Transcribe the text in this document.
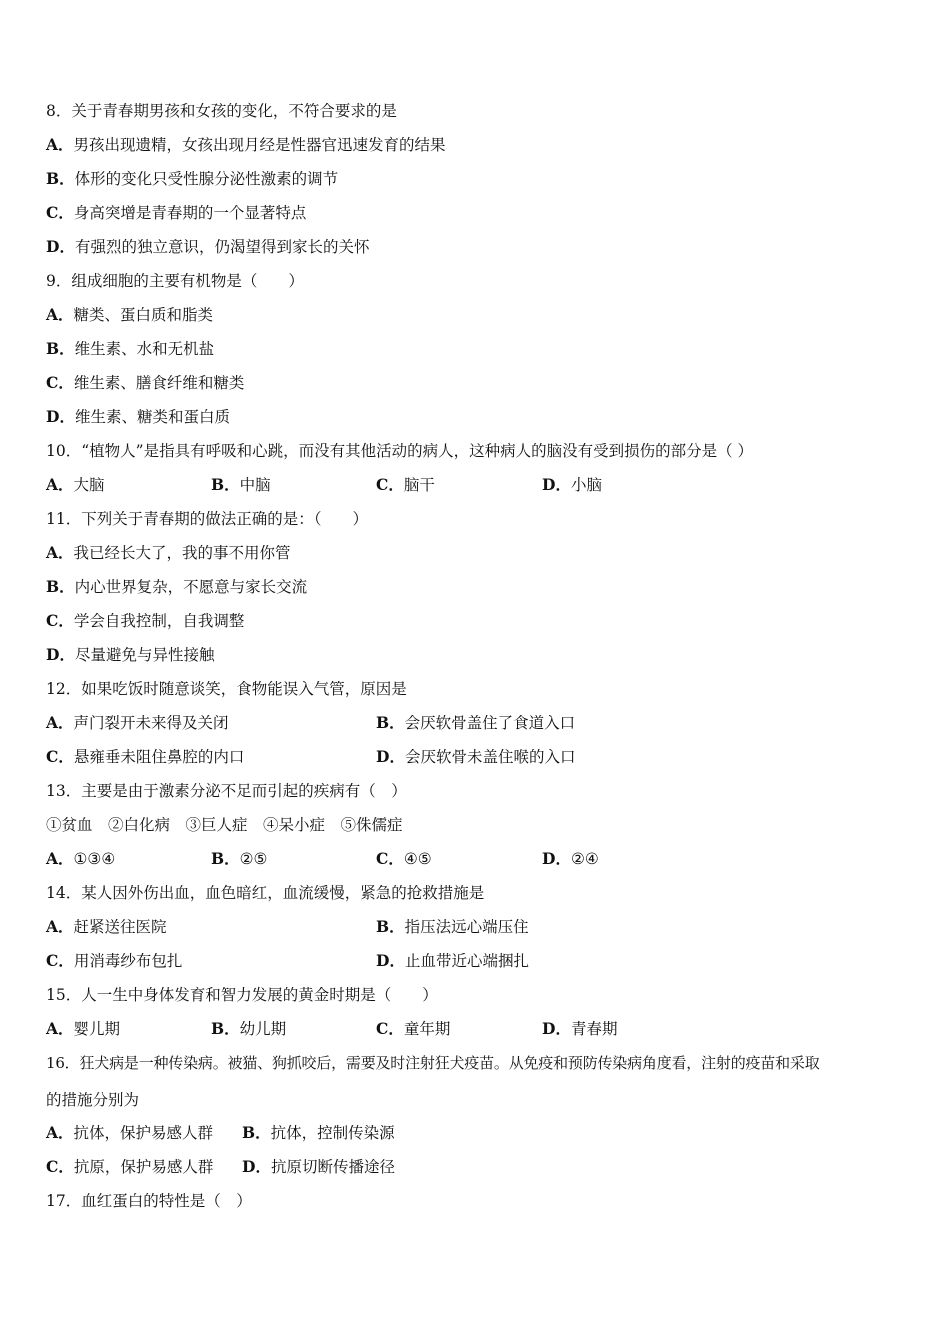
8．关于青春期男孩和女孩的变化，不符合要求的是
A．男孩出现遗精，女孩出现月经是性器官迅速发育的结果
B．体形的变化只受性腺分泌性激素的调节
C．身高突增是青春期的一个显著特点
D．有强烈的独立意识，仍渴望得到家长的关怀
9．组成细胞的主要有机物是（　　）
A．糖类、蛋白质和脂类
B．维生素、水和无机盐
C．维生素、膳食纤维和糖类
D．维生素、糖类和蛋白质
10．“植物人”是指具有呼吸和心跳，而没有其他活动的病人，这种病人的脑没有受到损伤的部分是（ ）
A．大脑	B．中脑	C．脑干	D．小脑
11．下列关于青春期的做法正确的是：（　　）
A．我已经长大了，我的事不用你管
B．内心世界复杂，不愿意与家长交流
C．学会自我控制，自我调整
D．尽量避免与异性接触
12．如果吃饭时随意谈笑，食物能误入气管，原因是
A．声门裂开未来得及关闭	B．会厌软骨盖住了食道入口
C．悬雍垂未阻住鼻腔的内口	D．会厌软骨未盖住喉的入口
13．主要是由于激素分泌不足而引起的疾病有（　）
①贫血　②白化病　③巨人症　④呆小症　⑤侏儒症
A．①③④	B．②⑤	C．④⑤	D．②④
14．某人因外伤出血，血色暗红，血流缓慢，紧急的抢救措施是
A．赶紧送往医院	B．指压法远心端压住
C．用消毒纱布包扎	D．止血带近心端捆扎
15．人一生中身体发育和智力发展的黄金时期是（　　）
A．婴儿期	B．幼儿期	C．童年期	D．青春期
16．狂犬病是一种传染病。被猫、狗抓咬后，需要及时注射狂犬疫苗。从免疫和预防传染病角度看，注射的疫苗和采取
的措施分别为
A．抗体，保护易感人群 B．抗体，控制传染源
C．抗原，保护易感人群 D．抗原切断传播途径
17．血红蛋白的特性是（　）
